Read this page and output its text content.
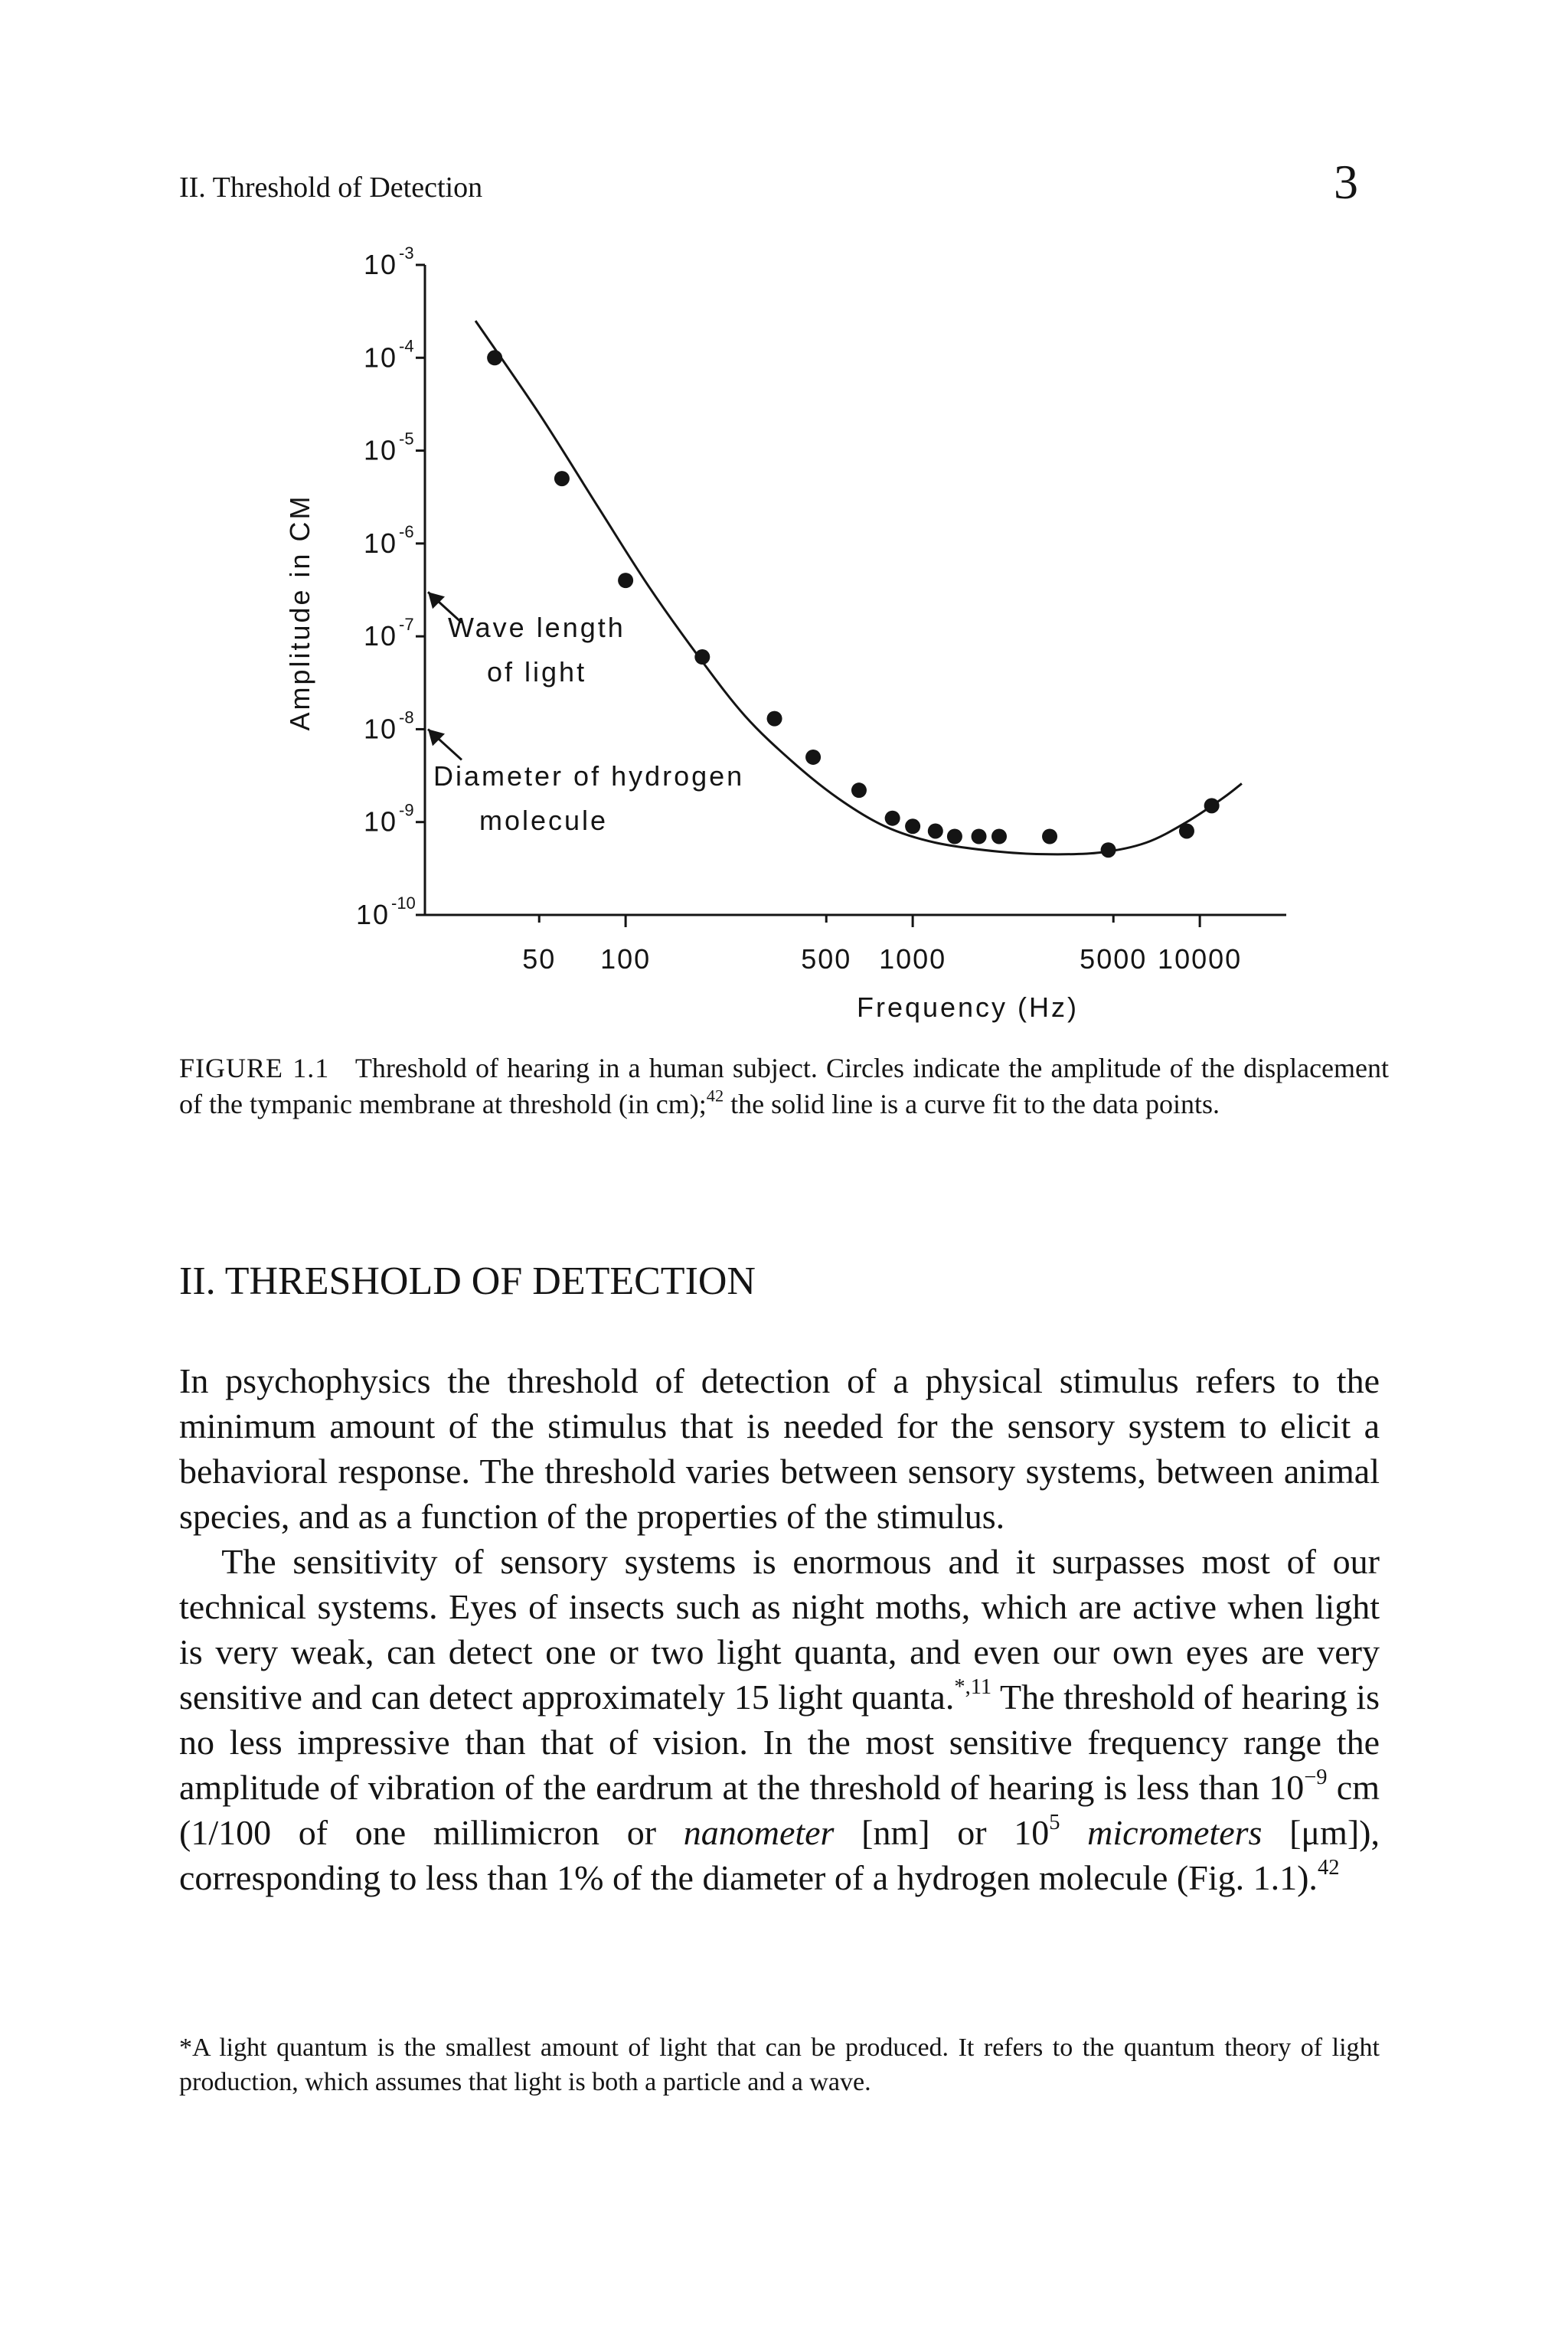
II. Threshold of Detection	3
10 -3
10 -4
10 -5
10 -6
10 -7
10 -8
10 -9
10 -10
50 100	500 1000	5000 10000
Amplitude in CM
Frequency (Hz)
Wave length
of light
Diameter of hydrogen
molecule
FIGURE 1.1 Threshold of hearing in a human subject. Circles indicate the amplitude of the displacement of the tympanic membrane at threshold (in cm);$^{42}$ the solid line is a curve fit to the data points.
II. THRESHOLD OF DETECTION

In psychophysics the threshold of detection of a physical stimulus refers to the minimum amount of the stimulus that is needed for the sensory system to elicit a behavioral response. The threshold varies between sensory systems, between animal species, and as a function of the properties of the stimulus.

The sensitivity of sensory systems is enormous and it surpasses most of our technical systems. Eyes of insects such as night moths, which are active when light is very weak, can detect one or two light quanta, and even our own eyes are very sensitive and can detect approximately 15 light quanta.$^{*,11}$ The threshold of hearing is no less impressive than that of vision. In the most sensitive frequency range the amplitude of vibration of the eardrum at the threshold of hearing is less than $10^{-9}$ cm (1/100 of one millimicron or nanometer [nm] or $10^5$ micrometers [μm]), corresponding to less than 1% of the diameter of a hydrogen molecule (Fig. 1.1).$^{42}$

*A light quantum is the smallest amount of light that can be produced. It refers to the quantum theory of light production, which assumes that light is both a particle and a wave.
